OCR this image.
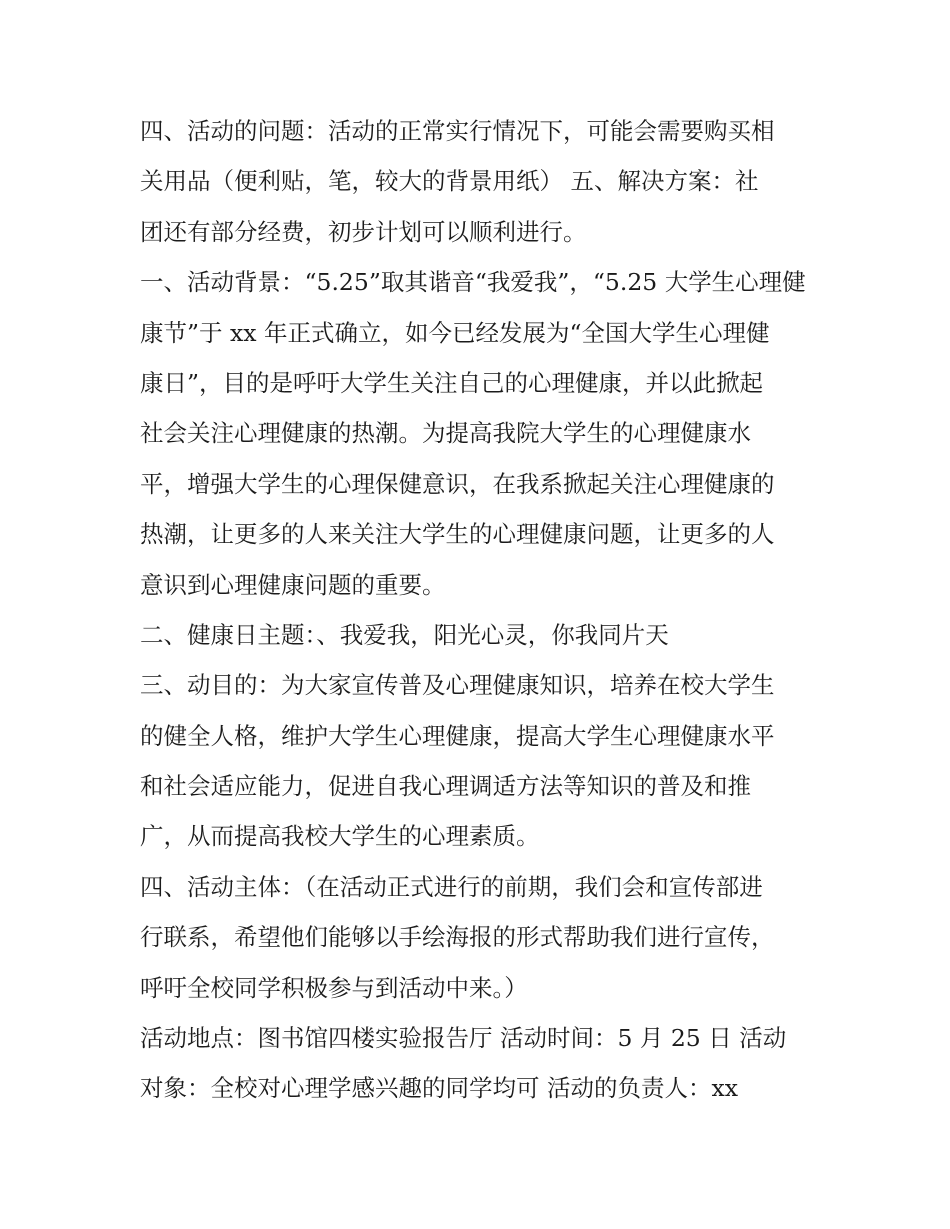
四、活动的问题：活动的正常实行情况下，可能会需要购买相
关用品（便利贴，笔，较大的背景用纸） 五、解决方案：社
团还有部分经费，初步计划可以顺利进行。
一、活动背景：“5.25”取其谐音“我爱我”，“5.25 大学生心理健
康节”于 xx 年正式确立，如今已经发展为“全国大学生心理健
康日”，目的是呼吁大学生关注自己的心理健康，并以此掀起
社会关注心理健康的热潮。为提高我院大学生的心理健康水
平，增强大学生的心理保健意识，在我系掀起关注心理健康的
热潮，让更多的人来关注大学生的心理健康问题，让更多的人
意识到心理健康问题的重要。
二、健康日主题：、我爱我，阳光心灵，你我同片天
三、动目的：为大家宣传普及心理健康知识，培养在校大学生
的健全人格，维护大学生心理健康，提高大学生心理健康水平
和社会适应能力，促进自我心理调适方法等知识的普及和推
广，从而提高我校大学生的心理素质。
四、活动主体：（在活动正式进行的前期，我们会和宣传部进
行联系，希望他们能够以手绘海报的形式帮助我们进行宣传，
呼吁全校同学积极参与到活动中来。）
活动地点：图书馆四楼实验报告厅 活动时间：5 月 25 日 活动
对象：全校对心理学感兴趣的同学均可 活动的负责人：xx
